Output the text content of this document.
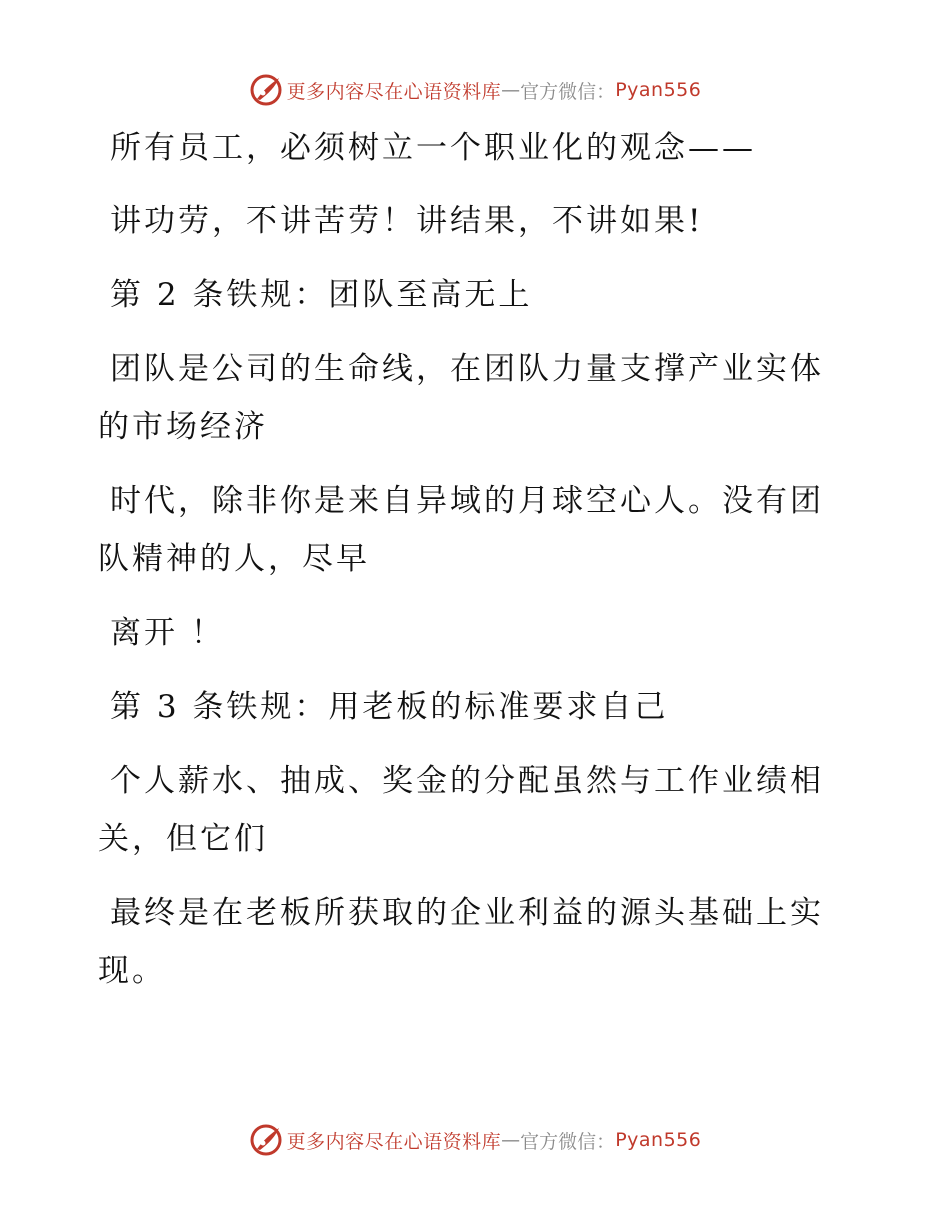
更多内容尽在心语资料库 — 官方微信： Pyan556

所有员工，必须树立一个职业化的观念——

讲功劳，不讲苦劳！讲结果，不讲如果!

第 2 条铁规：团队至高无上

团队是公司的生命线，在团队力量支撑产业实体的市场经济

时代，除非你是来自异域的月球空心人。没有团队精神的人，尽早

离开 ！

第 3 条铁规：用老板的标准要求自己

个人薪水、抽成、奖金的分配虽然与工作业绩相关，但它们

最终是在老板所获取的企业利益的源头基础上实现。

更多内容尽在心语资料库 — 官方微信： Pyan556
